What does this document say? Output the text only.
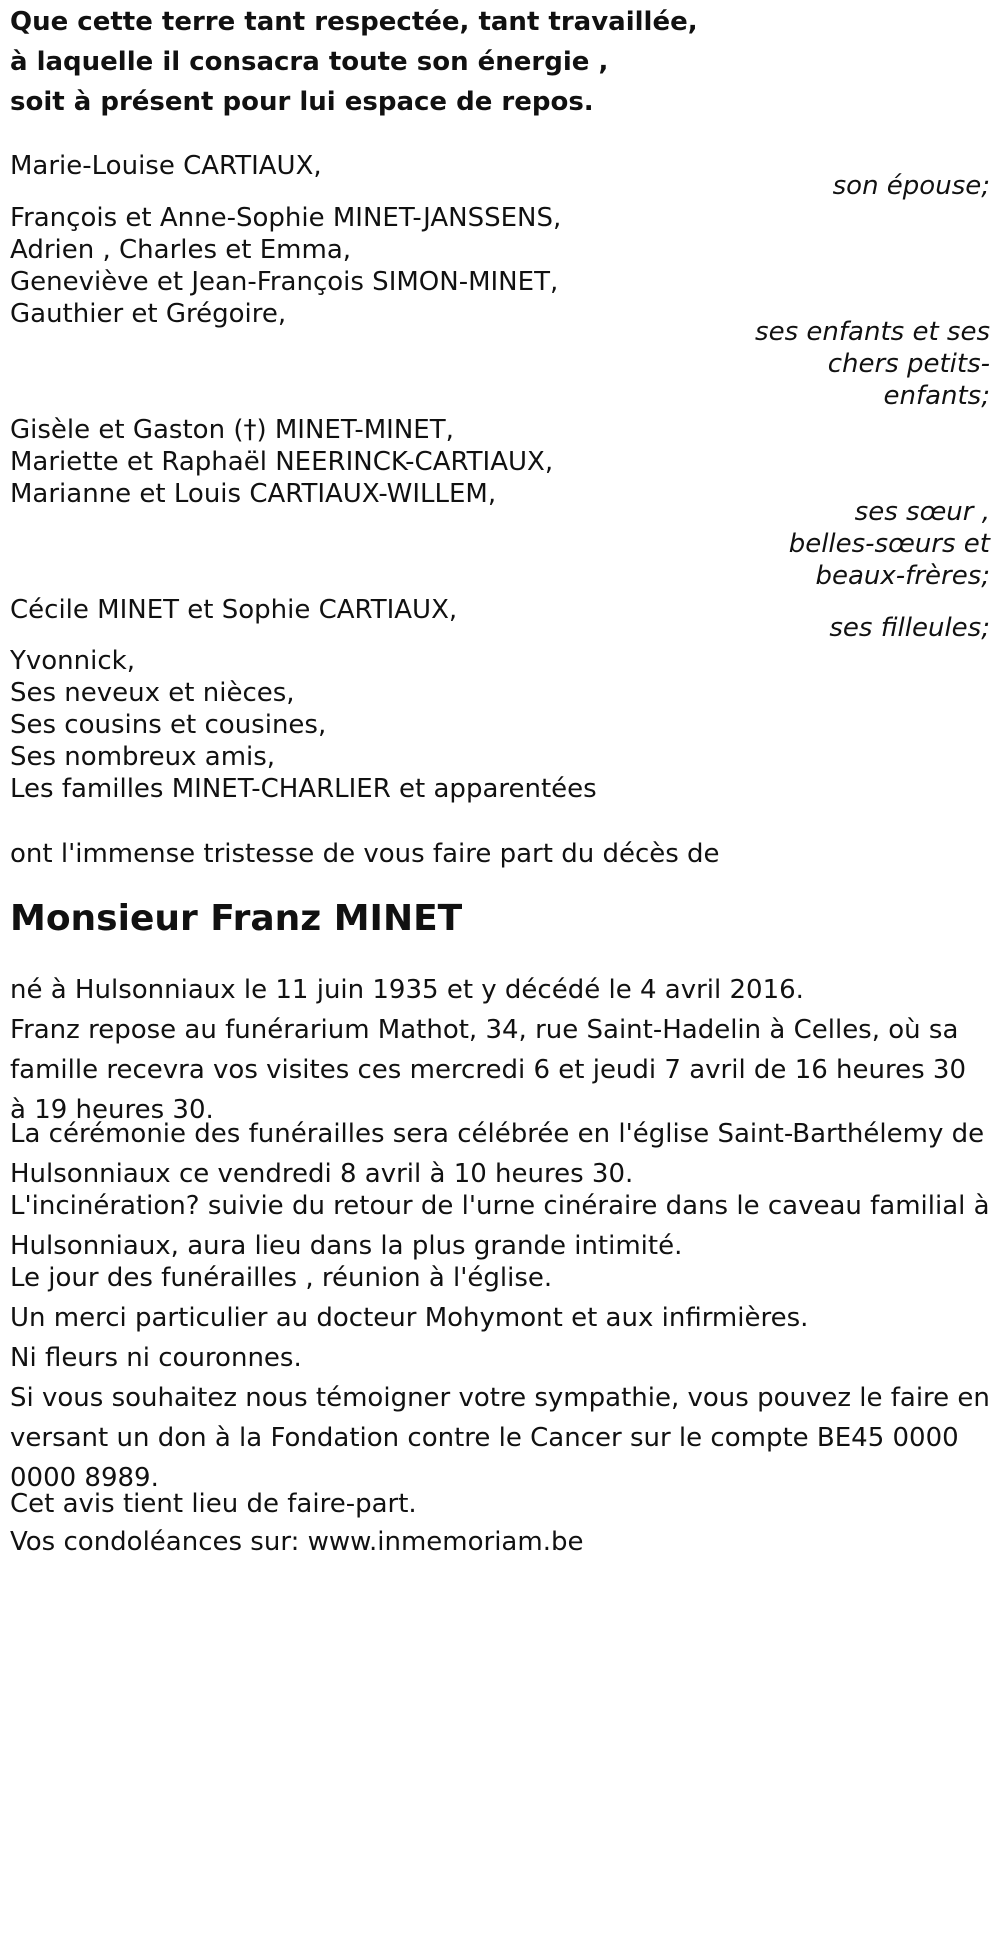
Que cette terre tant respectée, tant travaillée,
à laquelle il consacra toute son énergie ,
soit à présent pour lui espace de repos.
Marie-Louise CARTIAUX,
son épouse;
François et Anne-Sophie MINET-JANSSENS,
Adrien , Charles et Emma,
Geneviève et Jean-François SIMON-MINET,
Gauthier et Grégoire,
ses enfants et ses
chers petits-
enfants;
Gisèle et Gaston (†) MINET-MINET,
Mariette et Raphaël NEERINCK-CARTIAUX,
Marianne et Louis CARTIAUX-WILLEM,
ses sœur ,
belles-sœurs et
beaux-frères;
Cécile MINET et Sophie CARTIAUX,
ses filleules;
Yvonnick,
Ses neveux et nièces,
Ses cousins et cousines,
Ses nombreux amis,
Les familles MINET-CHARLIER et apparentées
ont l'immense tristesse de vous faire part du décès de
Monsieur Franz MINET
né à Hulsonniaux le 11 juin 1935 et y décédé le 4 avril 2016.
Franz repose au funérarium Mathot, 34, rue Saint-Hadelin à Celles, où sa famille recevra vos visites ces mercredi 6 et jeudi 7 avril de 16 heures 30 à 19 heures 30.
La cérémonie des funérailles sera célébrée en l'église Saint-Barthélemy de Hulsonniaux ce vendredi 8 avril à 10 heures 30.
L'incinération? suivie du retour de l'urne cinéraire dans le caveau familial à Hulsonniaux, aura lieu dans la plus grande intimité.
Le jour des funérailles , réunion à l'église.
Un merci particulier au docteur Mohymont et aux infirmières.
Ni fleurs ni couronnes.
Si vous souhaitez nous témoigner votre sympathie, vous pouvez le faire en versant un don à la Fondation contre le Cancer sur le compte BE45 0000 0000 8989.
Cet avis tient lieu de faire-part.
Vos condoléances sur: www.inmemoriam.be
